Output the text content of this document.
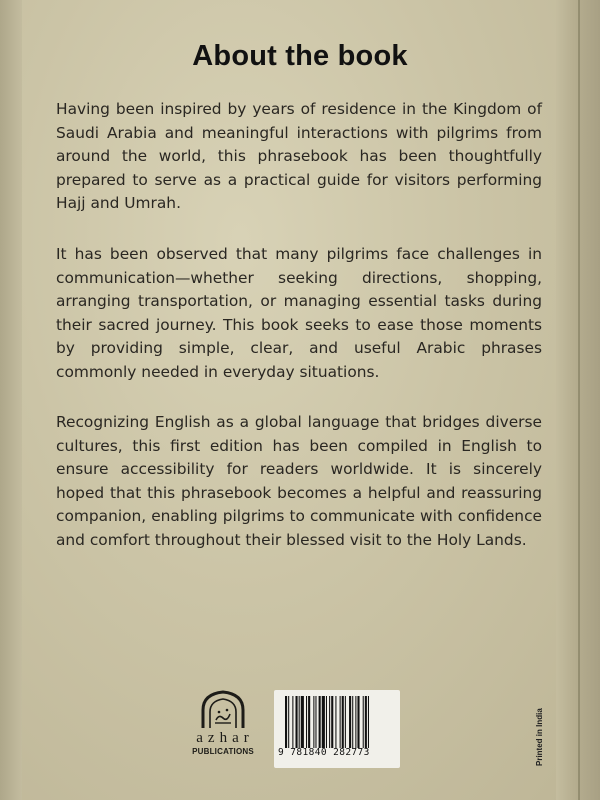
About the book
Having been inspired by years of residence in the Kingdom of Saudi Arabia and meaningful interactions with pilgrims from around the world, this phrasebook has been thoughtfully prepared to serve as a practical guide for visitors performing Hajj and Umrah.
It has been observed that many pilgrims face challenges in communication—whether seeking directions, shopping, arranging transportation, or managing essential tasks during their sacred journey. This book seeks to ease those moments by providing simple, clear, and useful Arabic phrases commonly needed in everyday situations.
Recognizing English as a global language that bridges diverse cultures, this first edition has been compiled in English to ensure accessibility for readers worldwide. It is sincerely hoped that this phrasebook becomes a helpful and reassuring companion, enabling pilgrims to communicate with confidence and comfort throughout their blessed visit to the Holy Lands.
azhar
PUBLICATIONS	9 781840 282773	Printed in India
